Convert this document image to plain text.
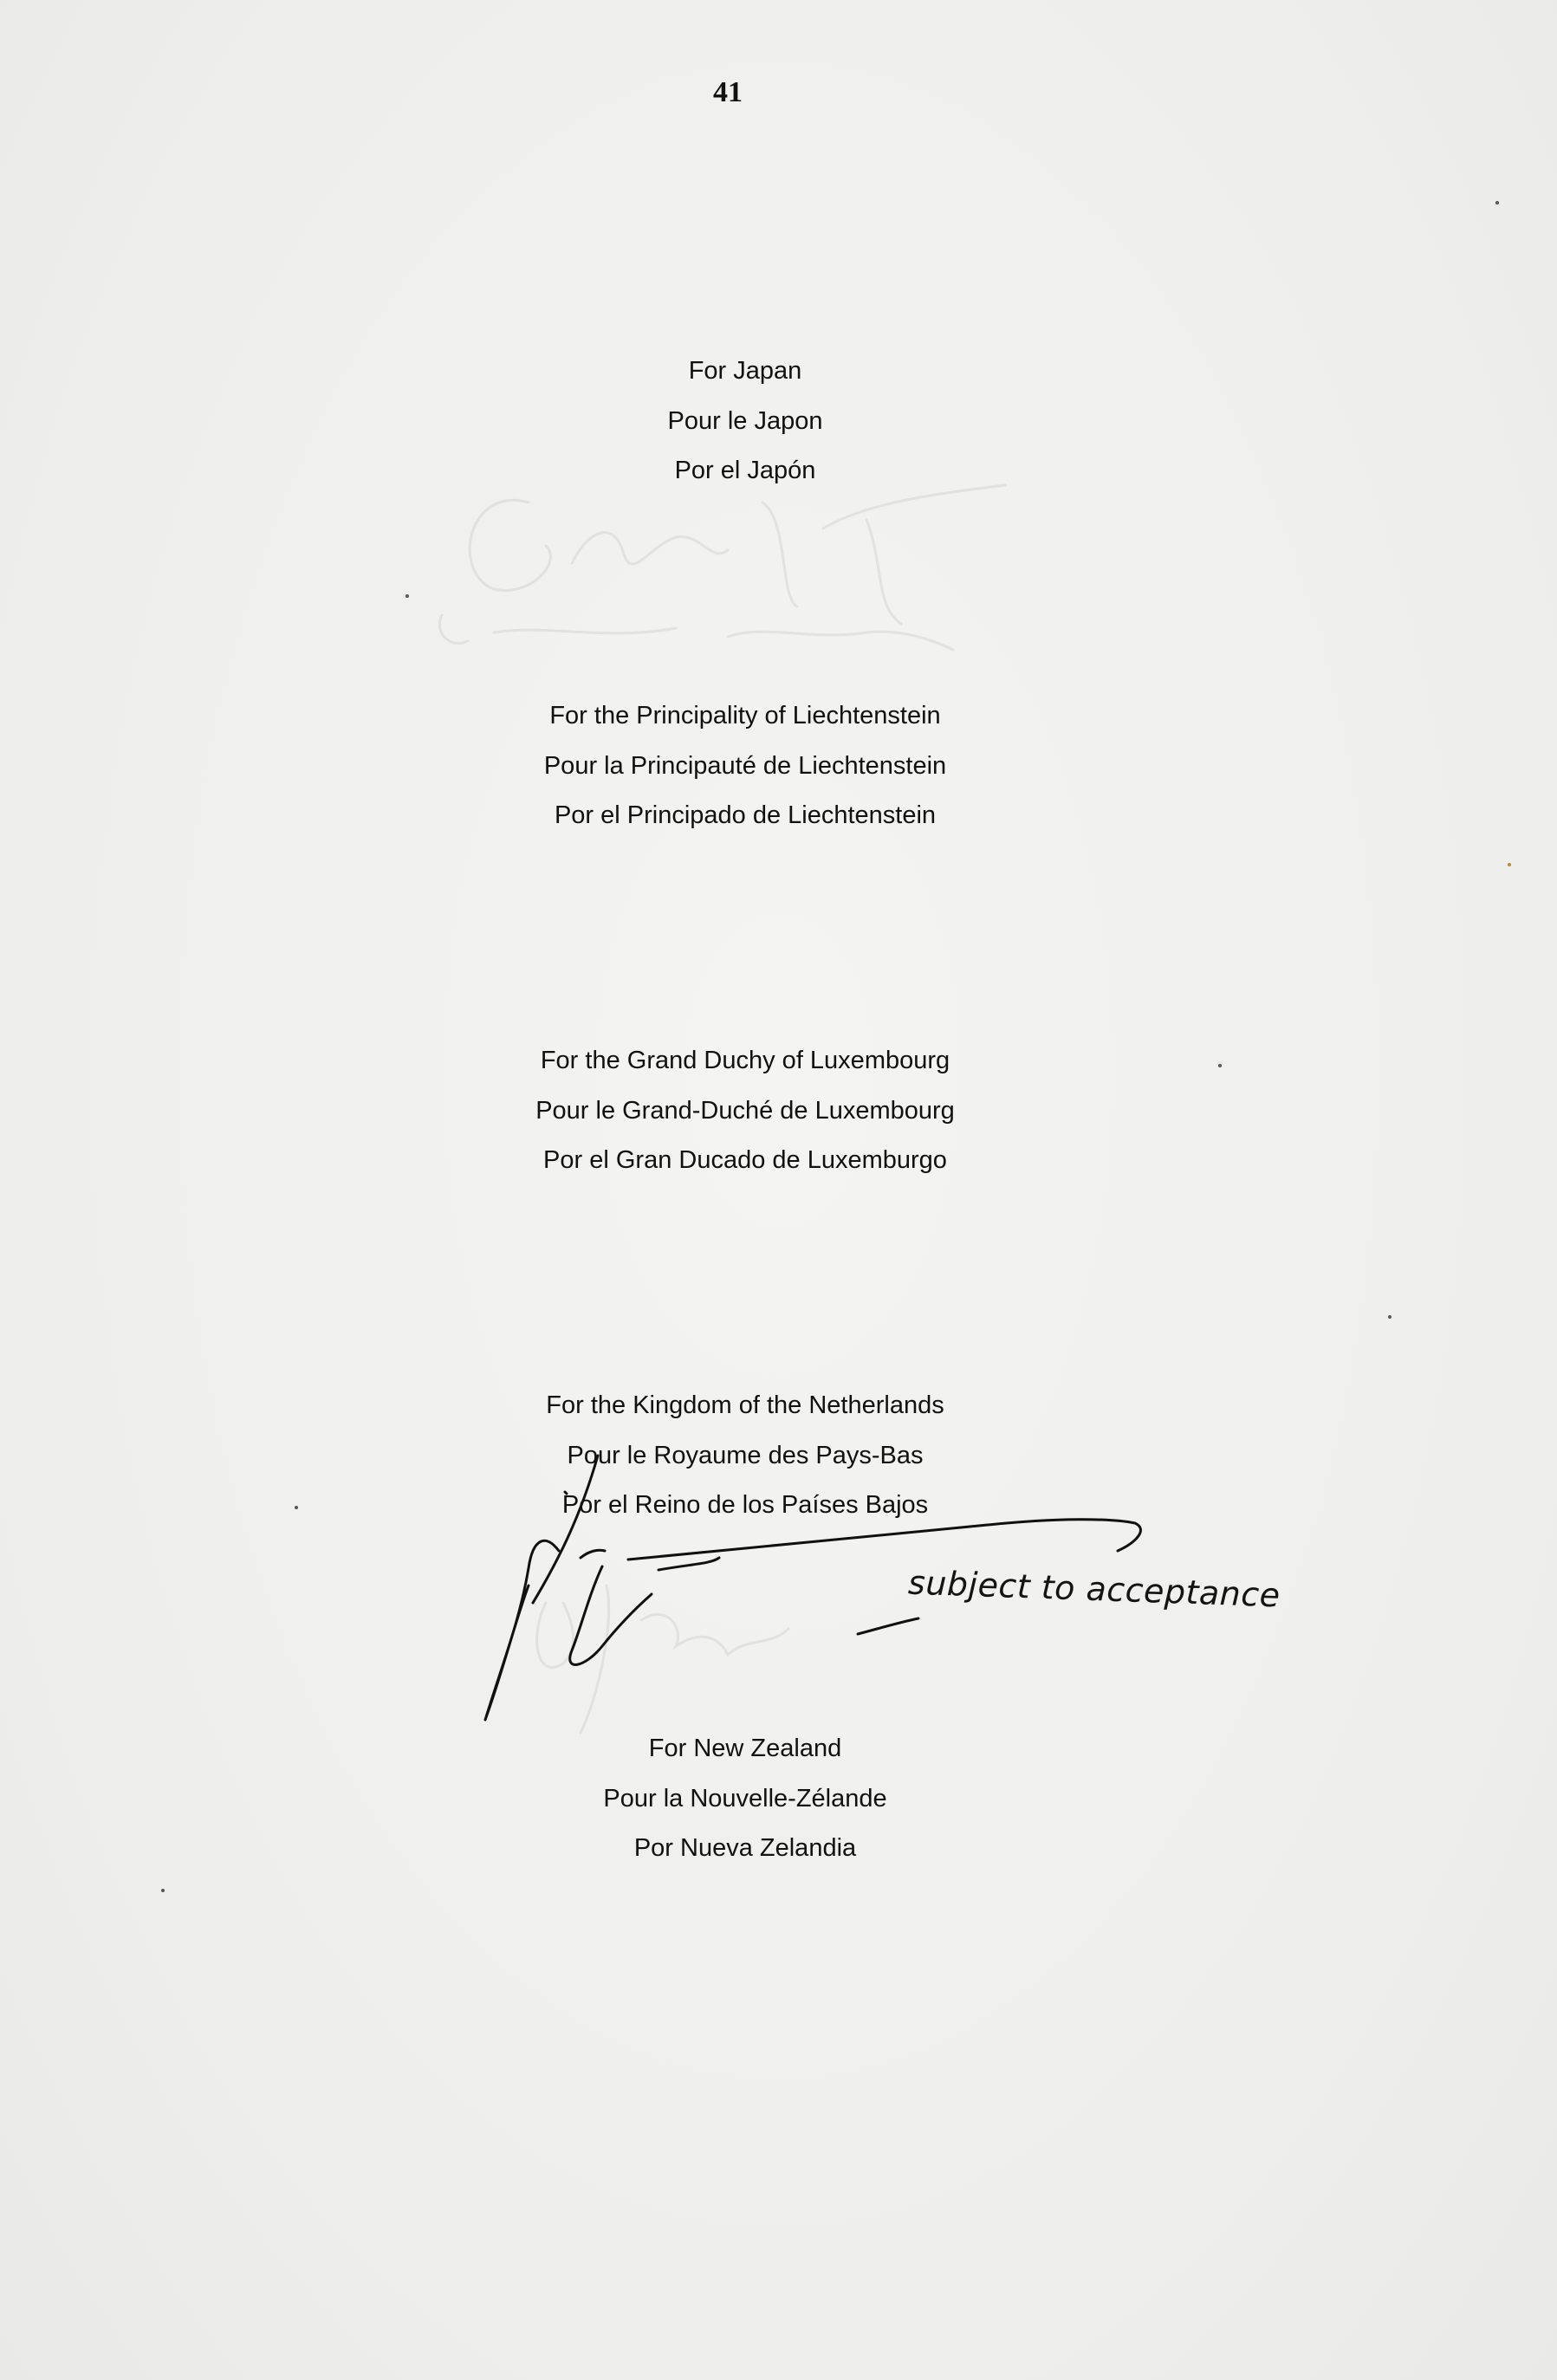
41
For Japan
Pour le Japon
Por el Japón
For the Principality of Liechtenstein
Pour la Principauté de Liechtenstein
Por el Principado de Liechtenstein
For the Grand Duchy of Luxembourg
Pour le Grand-Duché de Luxembourg
Por el Gran Ducado de Luxemburgo
For the Kingdom of the Netherlands
Pour le Royaume des Pays-Bas
Por el Reino de los Países Bajos
For New Zealand
Pour la Nouvelle-Zélande
Por Nueva Zelandia
subject to acceptance
